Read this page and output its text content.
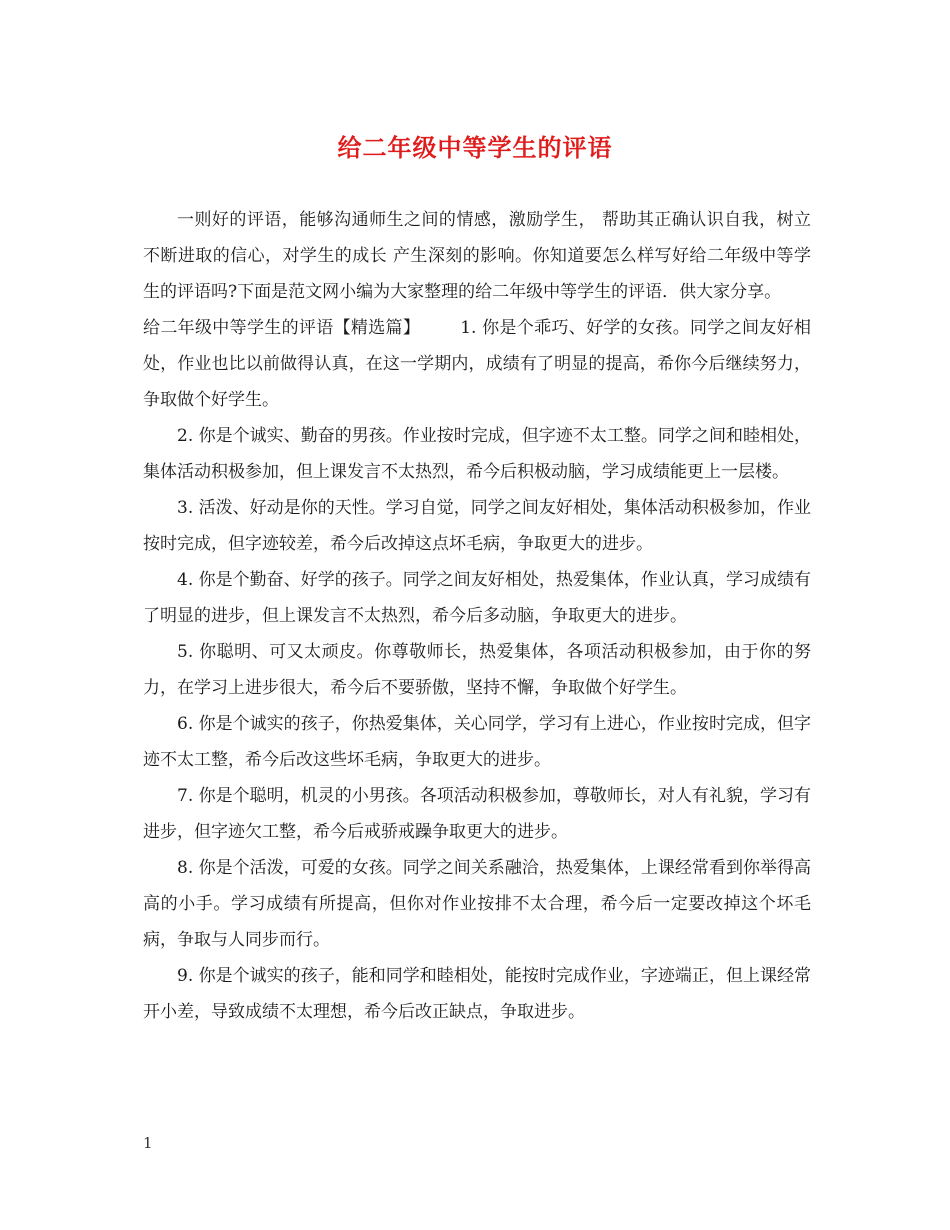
给二年级中等学生的评语

一则好的评语，能够沟通师生之间的情感，激励学生， 帮助其正确认识自我，树立不断进取的信心，对学生的成长 产生深刻的影响。你知道要怎么样写好给二年级中等学生的评语吗?下面是范文网小编为大家整理的给二年级中等学生的评语．供大家分享。

给二年级中等学生的评语【精选篇】 1. 你是个乖巧、好学的女孩。同学之间友好相处，作业也比以前做得认真，在这一学期内，成绩有了明显的提高，希你今后继续努力，争取做个好学生。

2. 你是个诚实、勤奋的男孩。作业按时完成，但字迹不太工整。同学之间和睦相处，集体活动积极参加，但上课发言不太热烈，希今后积极动脑，学习成绩能更上一层楼。

3. 活泼、好动是你的天性。学习自觉，同学之间友好相处，集体活动积极参加，作业按时完成，但字迹较差，希今后改掉这点坏毛病，争取更大的进步。

4. 你是个勤奋、好学的孩子。同学之间友好相处，热爱集体，作业认真，学习成绩有了明显的进步，但上课发言不太热烈，希今后多动脑，争取更大的进步。

5. 你聪明、可又太顽皮。你尊敬师长，热爱集体，各项活动积极参加，由于你的努力，在学习上进步很大，希今后不要骄傲，坚持不懈，争取做个好学生。

6. 你是个诚实的孩子，你热爱集体，关心同学，学习有上进心，作业按时完成，但字迹不太工整，希今后改这些坏毛病，争取更大的进步。

7. 你是个聪明，机灵的小男孩。各项活动积极参加，尊敬师长，对人有礼貌，学习有进步，但字迹欠工整，希今后戒骄戒躁争取更大的进步。

8. 你是个活泼，可爱的女孩。同学之间关系融洽，热爱集体，上课经常看到你举得高高的小手。学习成绩有所提高，但你对作业按排不太合理，希今后一定要改掉这个坏毛病，争取与人同步而行。

9. 你是个诚实的孩子，能和同学和睦相处，能按时完成作业，字迹端正，但上课经常开小差，导致成绩不太理想，希今后改正缺点，争取进步。

1
